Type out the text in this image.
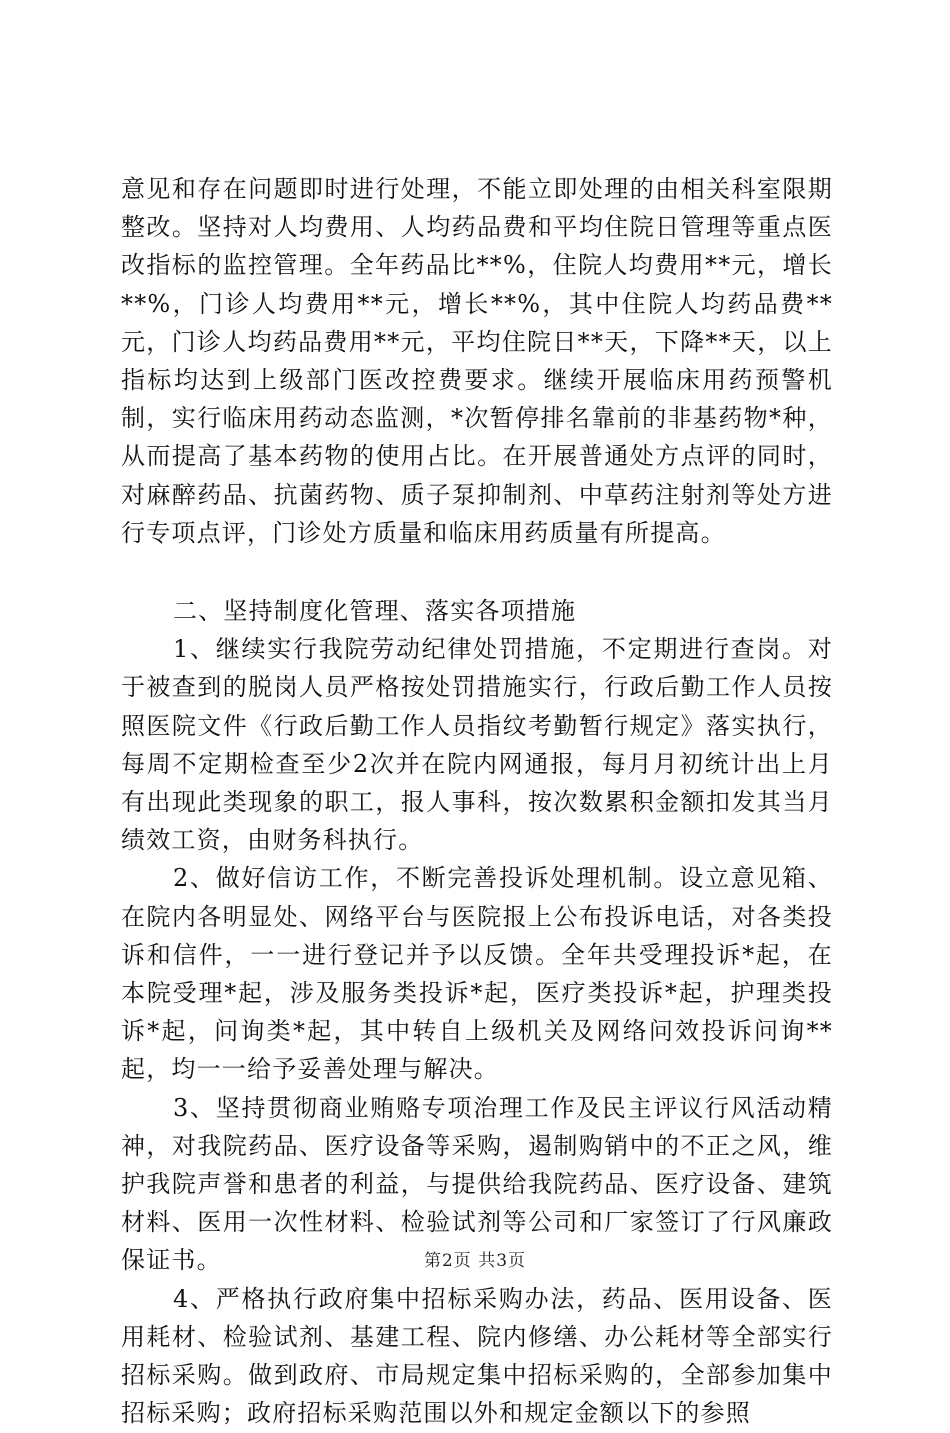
意见和存在问题即时进行处理，不能立即处理的由相关科室限期整改。坚持对人均费用、人均药品费和平均住院日管理等重点医改指标的监控管理。全年药品比**%，住院人均费用**元，增长**%，门诊人均费用**元，增长**%，其中住院人均药品费**元，门诊人均药品费用**元，平均住院日**天，下降**天，以上指标均达到上级部门医改控费要求。继续开展临床用药预警机制，实行临床用药动态监测，*次暂停排名靠前的非基药物*种，从而提高了基本药物的使用占比。在开展普通处方点评的同时，对麻醉药品、抗菌药物、质子泵抑制剂、中草药注射剂等处方进行专项点评，门诊处方质量和临床用药质量有所提高。

二、坚持制度化管理、落实各项措施

1、继续实行我院劳动纪律处罚措施，不定期进行查岗。对于被查到的脱岗人员严格按处罚措施实行，行政后勤工作人员按照医院文件《行政后勤工作人员指纹考勤暂行规定》落实执行，每周不定期检查至少2次并在院内网通报，每月月初统计出上月有出现此类现象的职工，报人事科，按次数累积金额扣发其当月绩效工资，由财务科执行。

2、做好信访工作，不断完善投诉处理机制。设立意见箱、在院内各明显处、网络平台与医院报上公布投诉电话，对各类投诉和信件，一一进行登记并予以反馈。全年共受理投诉*起，在本院受理*起，涉及服务类投诉*起，医疗类投诉*起，护理类投诉*起，问询类*起，其中转自上级机关及网络问效投诉问询**起，均一一给予妥善处理与解决。

3、坚持贯彻商业贿赂专项治理工作及民主评议行风活动精神，对我院药品、医疗设备等采购，遏制购销中的不正之风，维护我院声誉和患者的利益，与提供给我院药品、医疗设备、建筑材料、医用一次性材料、检验试剂等公司和厂家签订了行风廉政保证书。

4、严格执行政府集中招标采购办法，药品、医用设备、医用耗材、检验试剂、基建工程、院内修缮、办公耗材等全部实行招标采购。做到政府、市局规定集中招标采购的，全部参加集中招标采购；政府招标采购范围以外和规定金额以下的参照

第2页 共3页
